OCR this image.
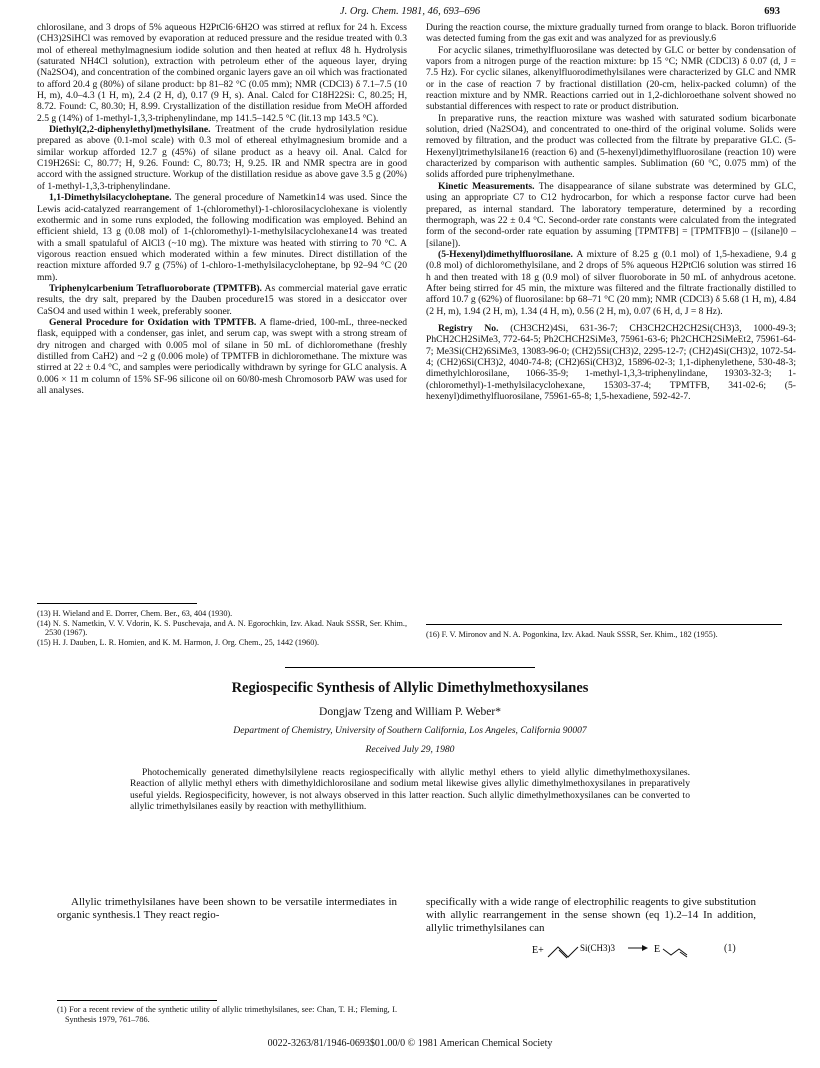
J. Org. Chem. 1981, 46, 693–696	693

chlorosilane, and 3 drops of 5% aqueous H2PtCl6·6H2O was stirred at reflux for 24 h. Excess (CH3)2SiHCl was removed by evaporation at reduced pressure and the residue treated with 0.3 mol of ethereal methylmagnesium iodide solution and then heated at reflux 48 h. Hydrolysis (saturated NH4Cl solution), extraction with petroleum ether of the aqueous layer, drying (Na2SO4), and concentration of the combined organic layers gave an oil which was fractionated to afford 20.4 g (80%) of silane product: bp 81–82 °C (0.05 mm); NMR (CDCl3) δ 7.1–7.5 (10 H, m), 4.0–4.3 (1 H, m), 2.4 (2 H, d), 0.17 (9 H, s). Anal. Calcd for C18H22Si: C, 80.25; H, 8.72. Found: C, 80.30; H, 8.99. Crystallization of the distillation residue from MeOH afforded 2.5 g (14%) of 1-methyl-1,3,3-triphenylindane, mp 141.5–142.5 °C (lit.13 mp 143.5 °C).

Diethyl(2,2-diphenylethyl)methylsilane. Treatment of the crude hydrosilylation residue prepared as above (0.1-mol scale) with 0.3 mol of ethereal ethylmagnesium bromide and a similar workup afforded 12.7 g (45%) of silane product as a heavy oil. Anal. Calcd for C19H26Si: C, 80.77; H, 9.26. Found: C, 80.73; H, 9.25. IR and NMR spectra are in good accord with the assigned structure. Workup of the distillation residue as above gave 3.5 g (20%) of 1-methyl-1,3,3-triphenylindane.

1,1-Dimethylsilacycloheptane. The general procedure of Nametkin14 was used. Since the Lewis acid-catalyzed rearrangement of 1-(chloromethyl)-1-chlorosilacyclohexane is violently exothermic and in some runs exploded, the following modification was employed. Behind an efficient shield, 13 g (0.08 mol) of 1-(chloromethyl)-1-methylsilacyclohexane14 was treated with a small spatulaful of AlCl3 (~10 mg). The mixture was heated with stirring to 70 °C. A vigorous reaction ensued which moderated within a few minutes. Direct distillation of the reaction mixture afforded 9.7 g (75%) of 1-chloro-1-methylsilacycloheptane, bp 92–94 °C (20 mm).

Triphenylcarbenium Tetrafluoroborate (TPMTFB). As commercial material gave erratic results, the dry salt, prepared by the Dauben procedure15 was stored in a desiccator over CaSO4 and used within 1 week, preferably sooner.

General Procedure for Oxidation with TPMTFB. A flame-dried, 100-mL, three-necked flask, equipped with a condenser, gas inlet, and serum cap, was swept with a strong stream of dry nitrogen and charged with 0.005 mol of silane in 50 mL of dichloromethane (freshly distilled from CaH2) and ~2 g (0.006 mole) of TPMTFB in dichloromethane. The mixture was stirred at 22 ± 0.4 °C, and samples were periodically withdrawn by syringe for GLC analysis. A 0.006 × 11 m column of 15% SF-96 silicone oil on 60/80-mesh Chromosorb PAW was used for all analyses.

(13) H. Wieland and E. Dorrer, Chem. Ber., 63, 404 (1930).

(14) N. S. Nametkin, V. V. Vdorin, K. S. Puschevaja, and A. N. Egorochkin, Izv. Akad. Nauk SSSR, Ser. Khim., 2530 (1967).

(15) H. J. Dauben, L. R. Homien, and K. M. Harmon, J. Org. Chem., 25, 1442 (1960).

During the reaction course, the mixture gradually turned from orange to black. Boron trifluoride was detected fuming from the gas exit and was analyzed for as previously.6

For acyclic silanes, trimethylfluorosilane was detected by GLC or better by condensation of vapors from a nitrogen purge of the reaction mixture: bp 15 °C; NMR (CDCl3) δ 0.07 (d, J = 7.5 Hz). For cyclic silanes, alkenylfluorodimethylsilanes were characterized by GLC and NMR or in the case of reaction 7 by fractional distillation (20-cm, helix-packed column) of the reaction mixture and by NMR. Reactions carried out in 1,2-dichloroethane solvent showed no substantial differences with respect to rate or product distribution.

In preparative runs, the reaction mixture was washed with saturated sodium bicarbonate solution, dried (Na2SO4), and concentrated to one-third of the original volume. Solids were removed by filtration, and the product was collected from the filtrate by preparative GLC. (5-Hexenyl)trimethylsilane16 (reaction 6) and (5-hexenyl)dimethylfluorosilane (reaction 10) were characterized by comparison with authentic samples. Sublimation (60 °C, 0.075 mm) of the solids afforded pure triphenylmethane.

Kinetic Measurements. The disappearance of silane substrate was determined by GLC, using an appropriate C7 to C12 hydrocarbon, for which a response factor curve had been prepared, as internal standard. The laboratory temperature, determined by a recording thermograph, was 22 ± 0.4 °C. Second-order rate constants were calculated from the integrated form of the second-order rate equation by assuming [TPMTFB] = [TPMTFB]0 – ([silane]0 – [silane]).

(5-Hexenyl)dimethylfluorosilane. A mixture of 8.25 g (0.1 mol) of 1,5-hexadiene, 9.4 g (0.8 mol) of dichloromethylsilane, and 2 drops of 5% aqueous H2PtCl6 solution was stirred 16 h and then treated with 18 g (0.9 mol) of silver fluoroborate in 50 mL of anhydrous acetone. After being stirred for 45 min, the mixture was filtered and the filtrate fractionally distilled to afford 10.7 g (62%) of fluorosilane: bp 68–71 °C (20 mm); NMR (CDCl3) δ 5.68 (1 H, m), 4.84 (2 H, m), 1.94 (2 H, m), 1.34 (4 H, m), 0.56 (2 H, m), 0.07 (6 H, d, J = 8 Hz).

Registry No. (CH3CH2)4Si, 631-36-7; CH3CH2CH2CH2Si(CH3)3, 1000-49-3; PhCH2CH2SiMe3, 772-64-5; Ph2CHCH2SiMe3, 75961-63-6; Ph2CHCH2SiMeEt2, 75961-64-7; Me3Si(CH2)6SiMe3, 13083-96-0; (CH2)5Si(CH3)2, 2295-12-7; (CH2)4Si(CH3)2, 1072-54-4; (CH2)6Si(CH3)2, 4040-74-8; (CH2)6Si(CH3)2, 15896-02-3; 1,1-diphenylethene, 530-48-3; dimethylchlorosilane, 1066-35-9; 1-methyl-1,3,3-triphenylindane, 19303-32-3; 1-(chloromethyl)-1-methylsilacyclohexane, 15303-37-4; TPMTFB, 341-02-6; (5-hexenyl)dimethylfluorosilane, 75961-65-8; 1,5-hexadiene, 592-42-7.

(16) F. V. Mironov and N. A. Pogonkina, Izv. Akad. Nauk SSSR, Ser. Khim., 182 (1955).

Regiospecific Synthesis of Allylic Dimethylmethoxysilanes
Dongjaw Tzeng and William P. Weber*
Department of Chemistry, University of Southern California, Los Angeles, California 90007
Received July 29, 1980
Photochemically generated dimethylsilylene reacts regiospecifically with allylic methyl ethers to yield allylic dimethylmethoxysilanes. Reaction of allylic methyl ethers with dimethyldichlorosilane and sodium metal likewise gives allylic dimethylmethoxysilanes in preparatively useful yields. Regiospecificity, however, is not always observed in this latter reaction. Such allylic dimethylmethoxysilanes can be converted to allylic trimethylsilanes easily by reaction with methyllithium.
Allylic trimethylsilanes have been shown to be versatile intermediates in organic synthesis.1 They react regio-
specifically with a wide range of electrophilic reagents to give substitution with allylic rearrangement in the sense shown (eq 1).2–14 In addition, allylic trimethylsilanes can

(1) For a recent review of the synthetic utility of allylic trimethylsilanes, see: Chan, T. H.; Fleming, I. Synthesis 1979, 761–786.

E+	Si(CH3)3	E	(1)
0022-3263/81/1946-0693$01.00/0 © 1981 American Chemical Society
